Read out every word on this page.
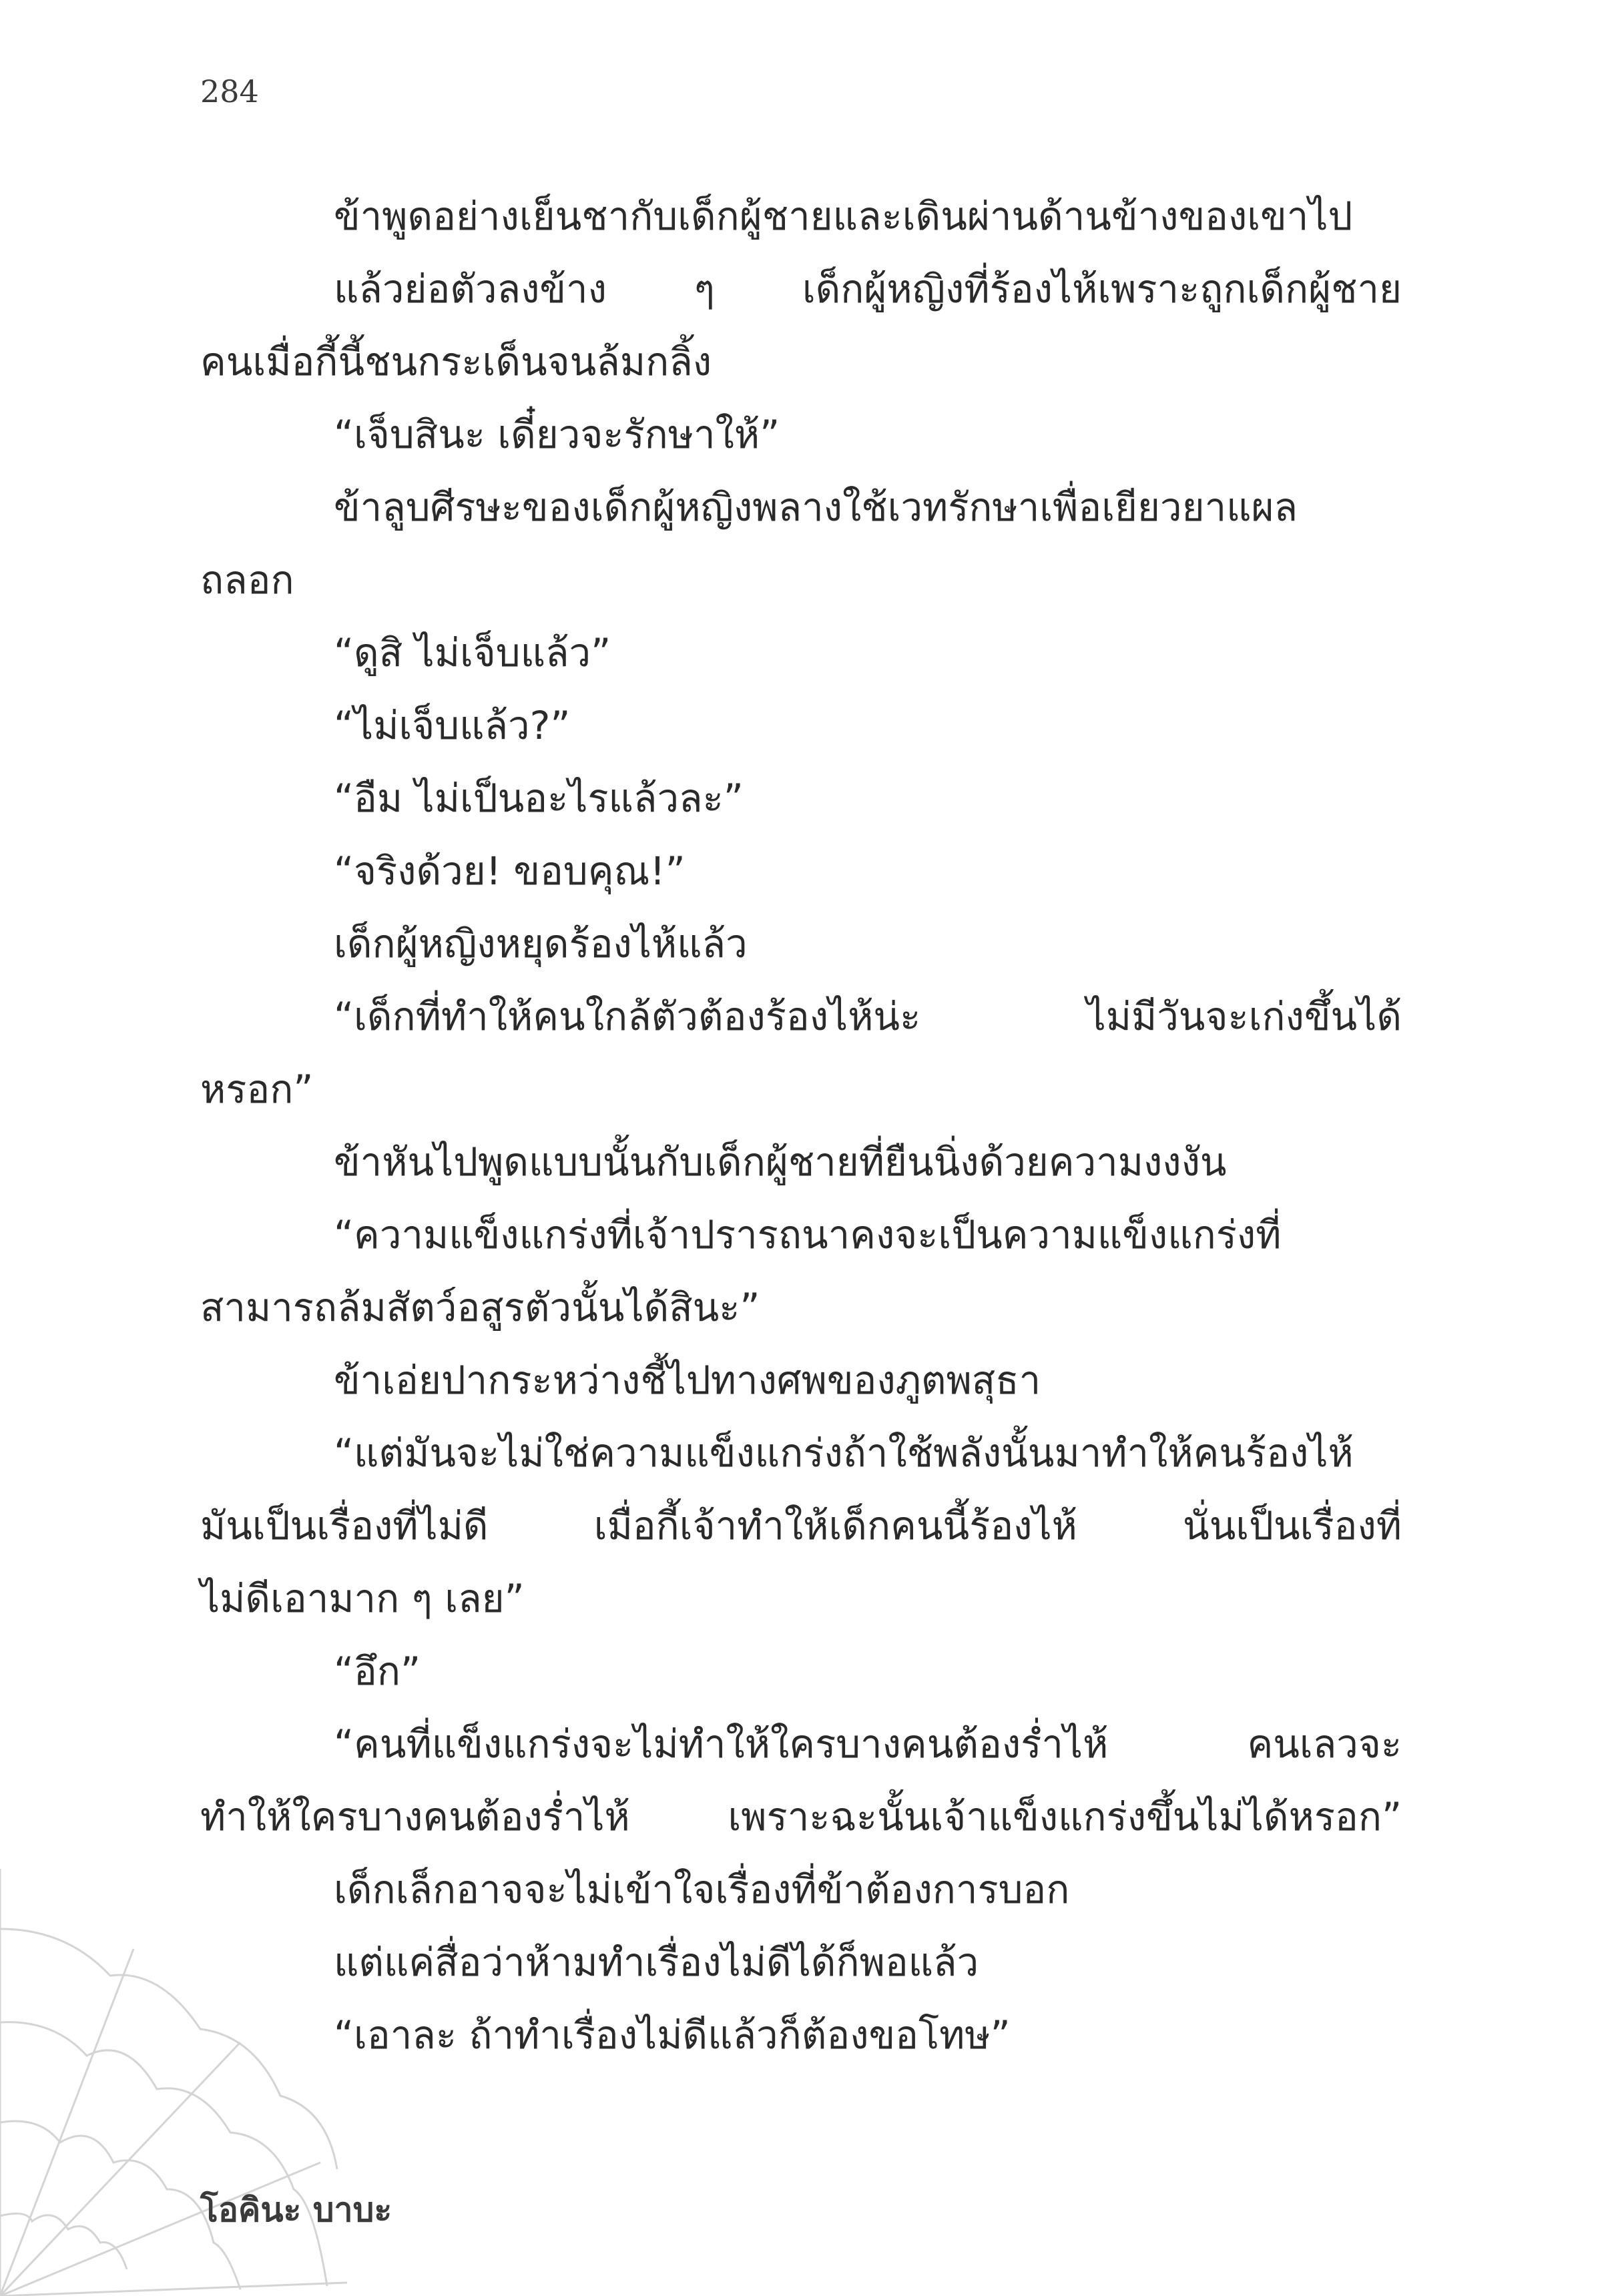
284
ข้าพูดอย่างเย็นชากับเด็กผู้ชายและเดินผ่านด้านข้างของเขาไป
แล้วย่อตัวลงข้าง ๆ เด็กผู้หญิงที่ร้องไห้เพราะถูกเด็กผู้ชาย
คนเมื่อกี้นี้ชนกระเด็นจนล้มกลิ้ง
“เจ็บสินะ เดี๋ยวจะรักษาให้”
ข้าลูบศีรษะของเด็กผู้หญิงพลางใช้เวทรักษาเพื่อเยียวยาแผล
ถลอก
“ดูสิ ไม่เจ็บแล้ว”
“ไม่เจ็บแล้ว?”
“อืม ไม่เป็นอะไรแล้วละ”
“จริงด้วย! ขอบคุณ!”
เด็กผู้หญิงหยุดร้องไห้แล้ว
“เด็กที่ทำให้คนใกล้ตัวต้องร้องไห้น่ะ ไม่มีวันจะเก่งขึ้นได้
หรอก”
ข้าหันไปพูดแบบนั้นกับเด็กผู้ชายที่ยืนนิ่งด้วยความงงงัน
“ความแข็งแกร่งที่เจ้าปรารถนาคงจะเป็นความแข็งแกร่งที่
สามารถล้มสัตว์อสูรตัวนั้นได้สินะ”
ข้าเอ่ยปากระหว่างชี้ไปทางศพของภูตพสุธา
“แต่มันจะไม่ใช่ความแข็งแกร่งถ้าใช้พลังนั้นมาทำให้คนร้องไห้
มันเป็นเรื่องที่ไม่ดี เมื่อกี้เจ้าทำให้เด็กคนนี้ร้องไห้ นั่นเป็นเรื่องที่
ไม่ดีเอามาก ๆ เลย”
“อึก”
“คนที่แข็งแกร่งจะไม่ทำให้ใครบางคนต้องร่ำไห้ คนเลวจะ
ทำให้ใครบางคนต้องร่ำไห้ เพราะฉะนั้นเจ้าแข็งแกร่งขึ้นไม่ได้หรอก”
เด็กเล็กอาจจะไม่เข้าใจเรื่องที่ข้าต้องการบอก
แต่แค่สื่อว่าห้ามทำเรื่องไม่ดีได้ก็พอแล้ว
“เอาละ ถ้าทำเรื่องไม่ดีแล้วก็ต้องขอโทษ”
โอคินะ บาบะ
